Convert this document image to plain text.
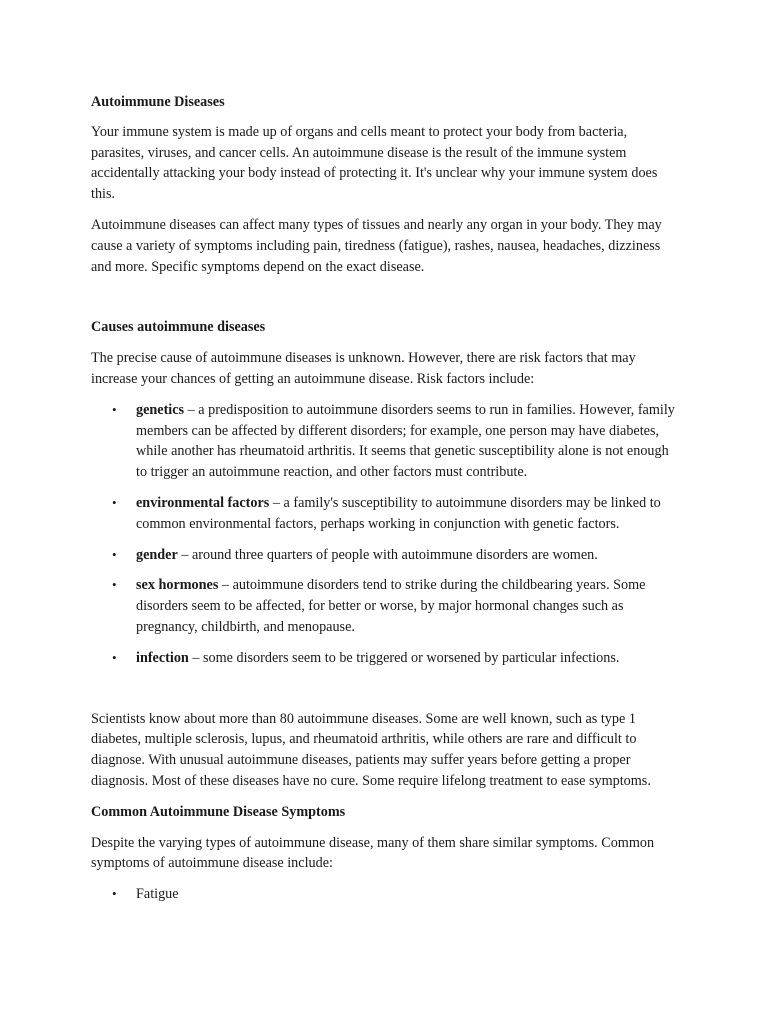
Autoimmune Diseases

Your immune system is made up of organs and cells meant to protect your body from bacteria, parasites, viruses, and cancer cells. An autoimmune disease is the result of the immune system accidentally attacking your body instead of protecting it. It's unclear why your immune system does this.

Autoimmune diseases can affect many types of tissues and nearly any organ in your body. They may cause a variety of symptoms including pain, tiredness (fatigue), rashes, nausea, headaches, dizziness and more. Specific symptoms depend on the exact disease.

Causes autoimmune diseases

The precise cause of autoimmune diseases is unknown. However, there are risk factors that may increase your chances of getting an autoimmune disease. Risk factors include:

• genetics – a predisposition to autoimmune disorders seems to run in families. However, family members can be affected by different disorders; for example, one person may have diabetes, while another has rheumatoid arthritis. It seems that genetic susceptibility alone is not enough to trigger an autoimmune reaction, and other factors must contribute.
• environmental factors – a family's susceptibility to autoimmune disorders may be linked to common environmental factors, perhaps working in conjunction with genetic factors.
• gender – around three quarters of people with autoimmune disorders are women.
• sex hormones – autoimmune disorders tend to strike during the childbearing years. Some disorders seem to be affected, for better or worse, by major hormonal changes such as pregnancy, childbirth, and menopause.
• infection – some disorders seem to be triggered or worsened by particular infections.

Scientists know about more than 80 autoimmune diseases. Some are well known, such as type 1 diabetes, multiple sclerosis, lupus, and rheumatoid arthritis, while others are rare and difficult to diagnose. With unusual autoimmune diseases, patients may suffer years before getting a proper diagnosis. Most of these diseases have no cure. Some require lifelong treatment to ease symptoms.

Common Autoimmune Disease Symptoms

Despite the varying types of autoimmune disease, many of them share similar symptoms. Common symptoms of autoimmune disease include:

• Fatigue
